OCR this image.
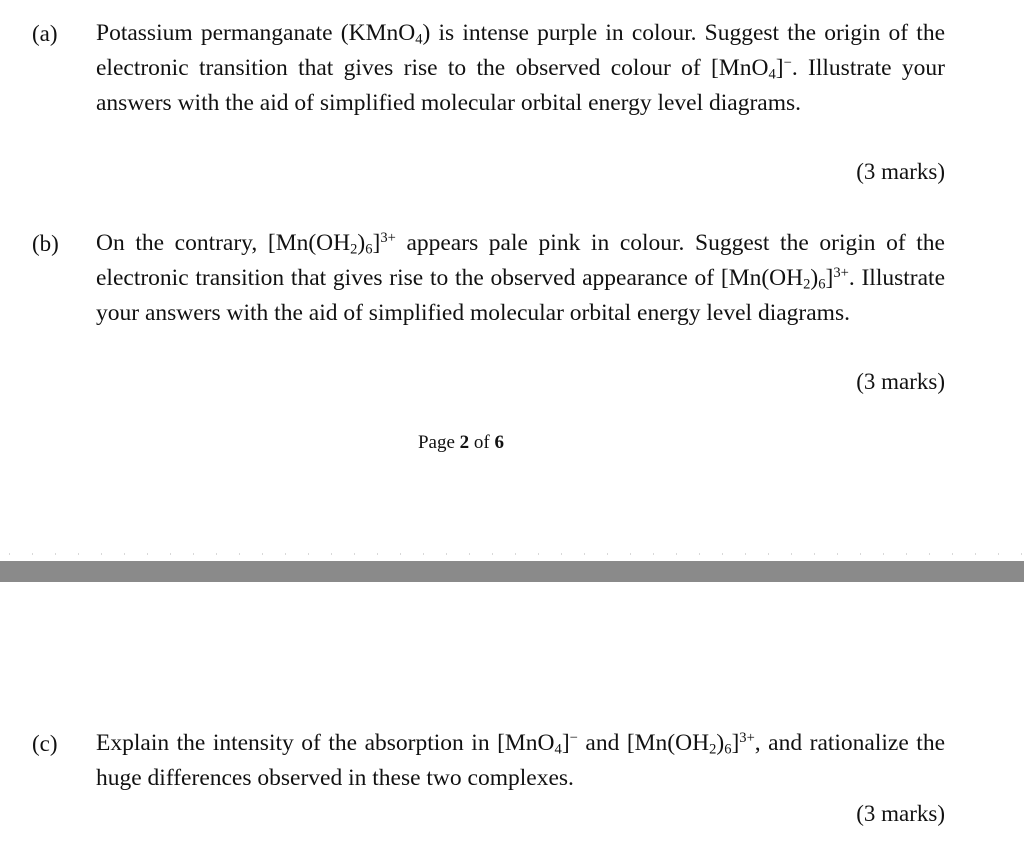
(a) Potassium permanganate (KMnO$_4$) is intense purple in colour. Suggest the origin of the electronic transition that gives rise to the observed colour of [MnO$_4$]−. Illustrate your answers with the aid of simplified molecular orbital energy level diagrams.
(3 marks)
(b) On the contrary, $[Mn(OH_2)_6]^{3+}$ appears pale pink in colour. Suggest the origin of the electronic transition that gives rise to the observed appearance of $[Mn(OH_2)_6]^{3+}$. Illustrate your answers with the aid of simplified molecular orbital energy level diagrams.
(3 marks)
Page 2 of 6
(c) Explain the intensity of the absorption in [MnO$_4$]− and $[Mn(OH_2)_6]^{3+}$, and rationalize the huge differences observed in these two complexes.
(3 marks)
